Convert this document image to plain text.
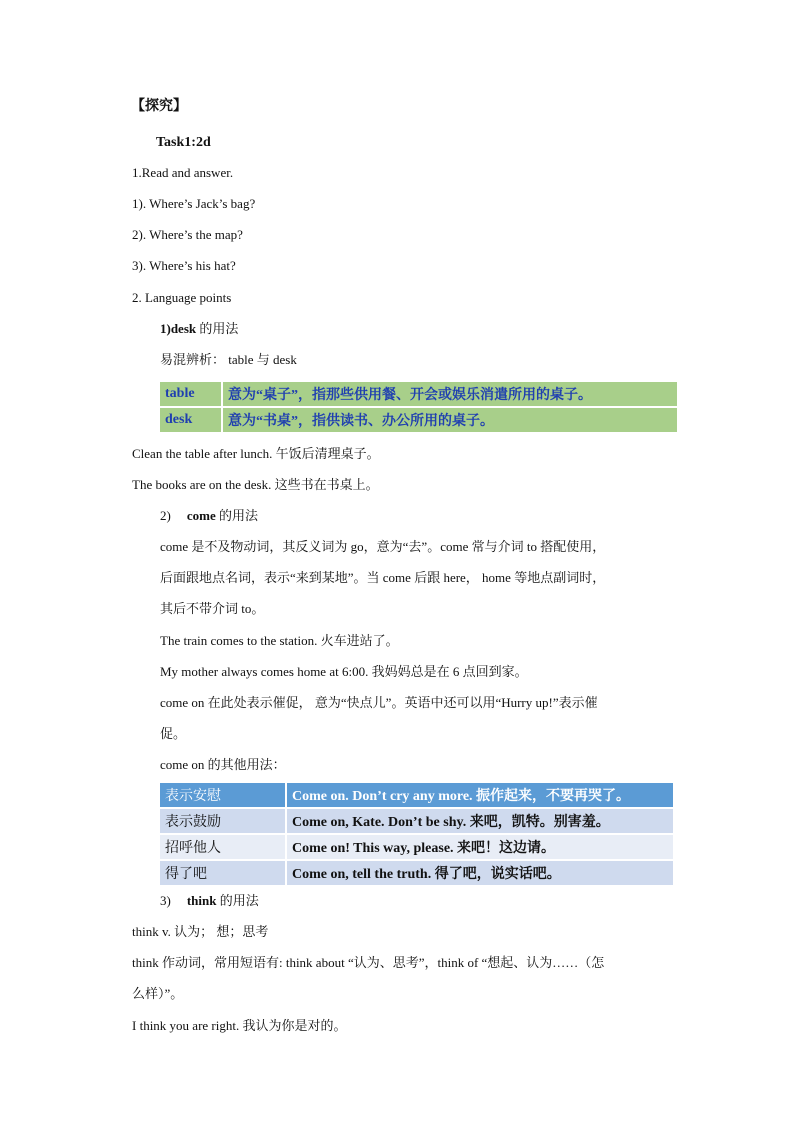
【探究】
Task1:2d
1.Read and answer.
1). Where’s Jack’s bag?
2). Where’s the map?
3). Where’s his hat?
2. Language points
1)desk 的用法
易混辨析： table 与 desk
table	意为“桌子”，指那些供用餐、开会或娱乐消遣所用的桌子。
desk	意为“书桌”，指供读书、办公所用的桌子。
Clean the table after lunch. 午饭后清理桌子。
The books are on the desk. 这些书在书桌上。
2) come 的用法
come 是不及物动词，其反义词为 go，意为“去”。come 常与介词 to 搭配使用，
后面跟地点名词，表示“来到某地”。当 come 后跟 here， home 等地点副词时，
其后不带介词 to。
The train comes to the station. 火车进站了。
My mother always comes home at 6:00. 我妈妈总是在 6 点回到家。
come on 在此处表示催促， 意为“快点儿”。英语中还可以用“Hurry up!”表示催
促。
come on 的其他用法：
表示安慰	Come on. Don’t cry any more. 振作起来，不要再哭了。
表示鼓励	Come on, Kate. Don’t be shy. 来吧，凯特。别害羞。
招呼他人	Come on! This way, please. 来吧！这边请。
得了吧	Come on, tell the truth. 得了吧，说实话吧。
3) think 的用法
think v. 认为； 想；思考
think 作动词，常用短语有: think about “认为、思考”，think of “想起、认为……（怎
么样）”。
I think you are right. 我认为你是对的。
